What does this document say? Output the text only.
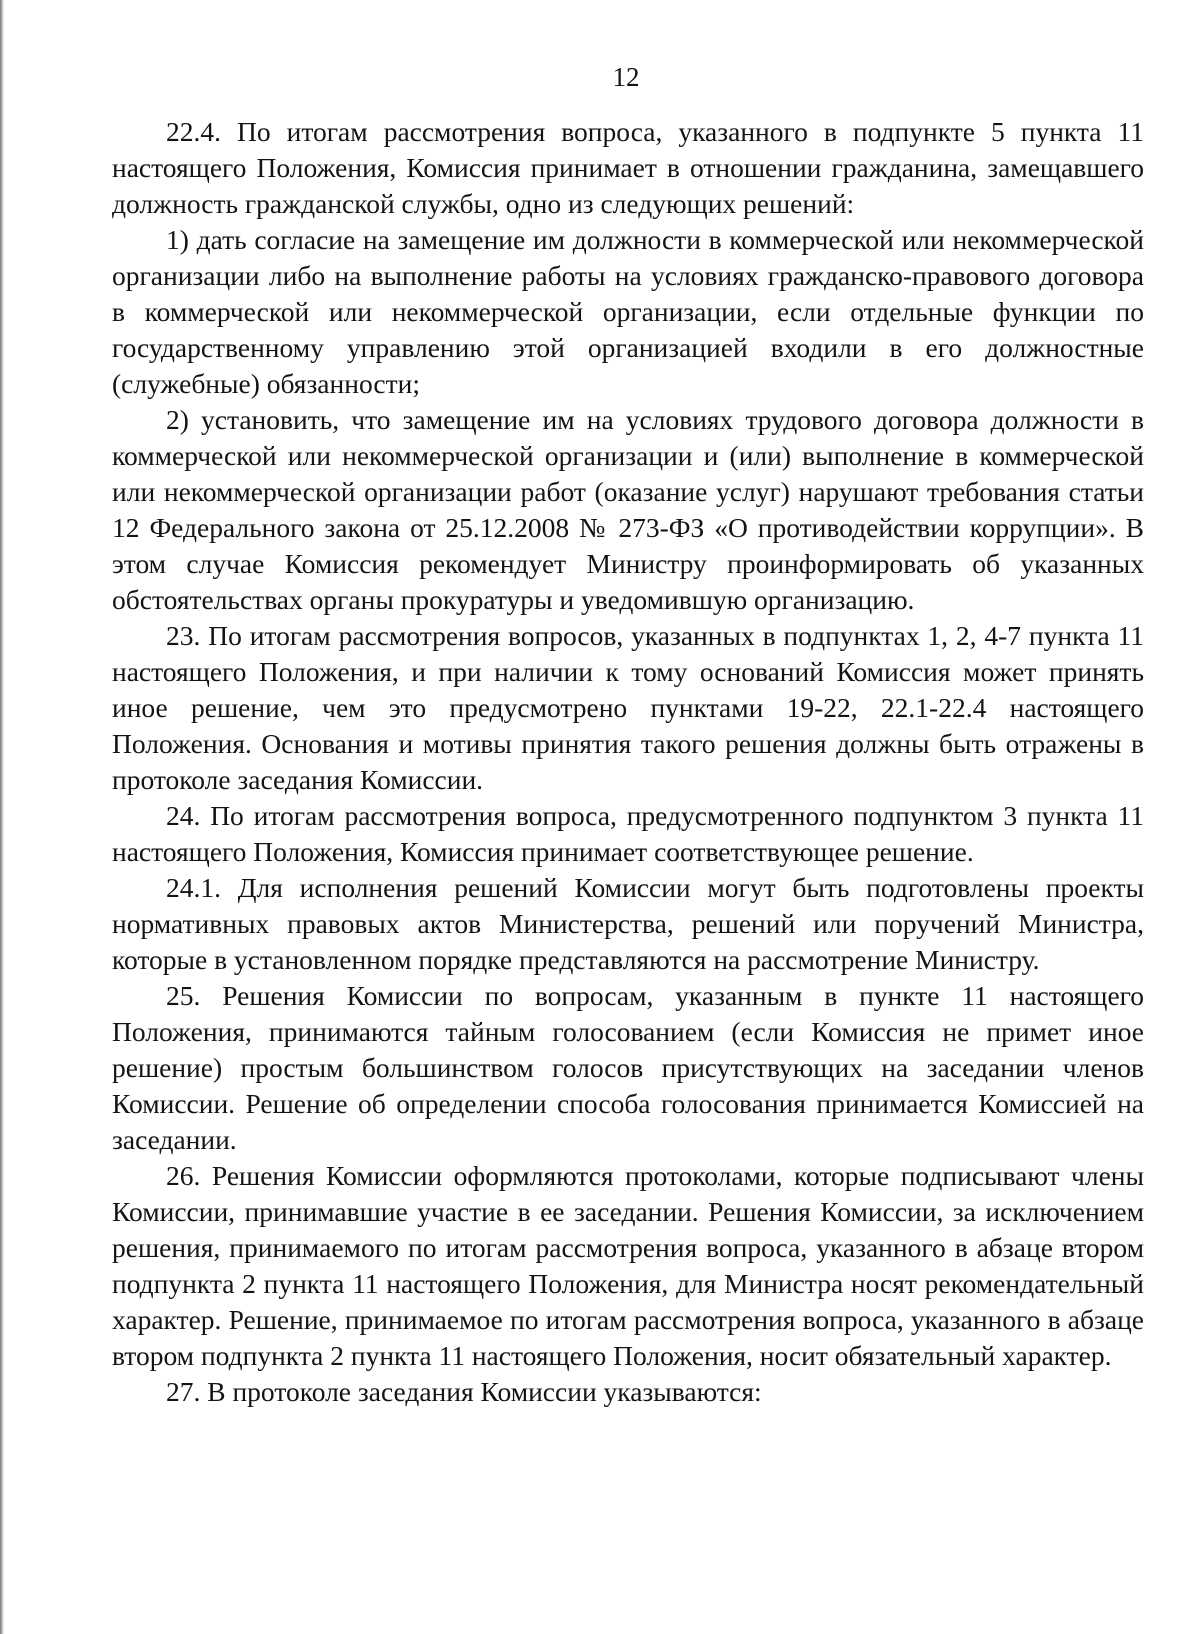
12

22.4. По итогам рассмотрения вопроса, указанного в подпункте 5 пункта 11 настоящего Положения, Комиссия принимает в отношении гражданина, замещавшего должность гражданской службы, одно из следующих решений:

1) дать согласие на замещение им должности в коммерческой или некоммерческой организации либо на выполнение работы на условиях гражданско-правового договора в коммерческой или некоммерческой организации, если отдельные функции по государственному управлению этой организацией входили в его должностные (служебные) обязанности;

2) установить, что замещение им на условиях трудового договора должности в коммерческой или некоммерческой организации и (или) выполнение в коммерческой или некоммерческой организации работ (оказание услуг) нарушают требования статьи 12 Федерального закона от 25.12.2008 № 273-ФЗ «О противодействии коррупции». В этом случае Комиссия рекомендует Министру проинформировать об указанных обстоятельствах органы прокуратуры и уведомившую организацию.

23. По итогам рассмотрения вопросов, указанных в подпунктах 1, 2, 4-7 пункта 11 настоящего Положения, и при наличии к тому оснований Комиссия может принять иное решение, чем это предусмотрено пунктами 19-22, 22.1-22.4 настоящего Положения. Основания и мотивы принятия такого решения должны быть отражены в протоколе заседания Комиссии.

24. По итогам рассмотрения вопроса, предусмотренного подпунктом 3 пункта 11 настоящего Положения, Комиссия принимает соответствующее решение.

24.1. Для исполнения решений Комиссии могут быть подготовлены проекты нормативных правовых актов Министерства, решений или поручений Министра, которые в установленном порядке представляются на рассмотрение Министру.

25. Решения Комиссии по вопросам, указанным в пункте 11 настоящего Положения, принимаются тайным голосованием (если Комиссия не примет иное решение) простым большинством голосов присутствующих на заседании членов Комиссии. Решение об определении способа голосования принимается Комиссией на заседании.

26. Решения Комиссии оформляются протоколами, которые подписывают члены Комиссии, принимавшие участие в ее заседании. Решения Комиссии, за исключением решения, принимаемого по итогам рассмотрения вопроса, указанного в абзаце втором подпункта 2 пункта 11 настоящего Положения, для Министра носят рекомендательный характер. Решение, принимаемое по итогам рассмотрения вопроса, указанного в абзаце втором подпункта 2 пункта 11 настоящего Положения, носит обязательный характер.

27. В протоколе заседания Комиссии указываются:
